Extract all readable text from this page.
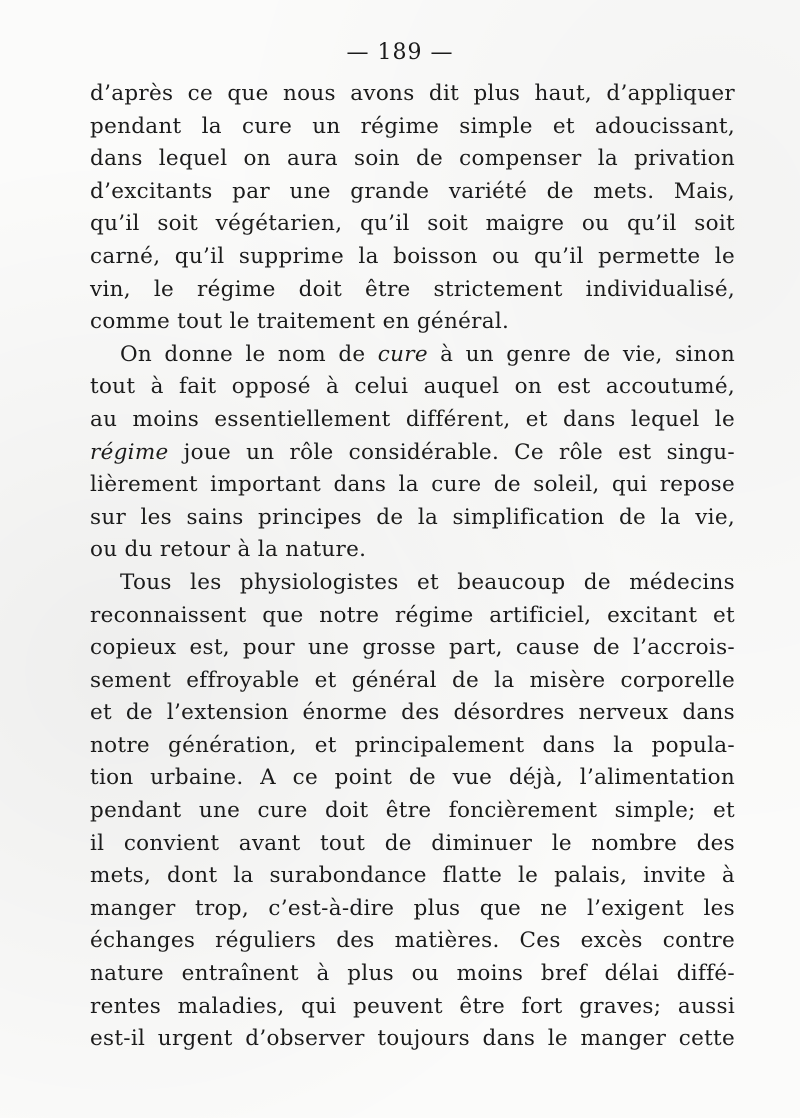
— 189 —
d’après ce que nous avons dit plus haut, d’appliquer
pendant la cure un régime simple et adoucissant,
dans lequel on aura soin de compenser la privation
d’excitants par une grande variété de mets. Mais,
qu’il soit végétarien, qu’il soit maigre ou qu’il soit
carné, qu’il supprime la boisson ou qu’il permette le
vin, le régime doit être strictement individualisé,
comme tout le traitement en général.
On donne le nom de cure à un genre de vie, sinon
tout à fait opposé à celui auquel on est accoutumé,
au moins essentiellement différent, et dans lequel le
régime joue un rôle considérable. Ce rôle est singu-
lièrement important dans la cure de soleil, qui repose
sur les sains principes de la simplification de la vie,
ou du retour à la nature.
Tous les physiologistes et beaucoup de médecins
reconnaissent que notre régime artificiel, excitant et
copieux est, pour une grosse part, cause de l’accrois-
sement effroyable et général de la misère corporelle
et de l’extension énorme des désordres nerveux dans
notre génération, et principalement dans la popula-
tion urbaine. A ce point de vue déjà, l’alimentation
pendant une cure doit être foncièrement simple; et
il convient avant tout de diminuer le nombre des
mets, dont la surabondance flatte le palais, invite à
manger trop, c’est-à-dire plus que ne l’exigent les
échanges réguliers des matières. Ces excès contre
nature entraînent à plus ou moins bref délai diffé-
rentes maladies, qui peuvent être fort graves; aussi
est-il urgent d’observer toujours dans le manger cette
